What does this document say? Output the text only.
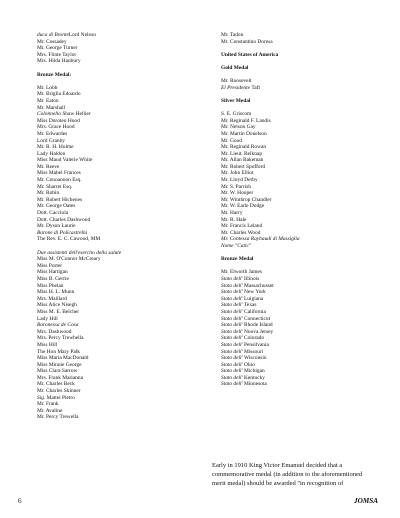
duca di BronteLord Nelson
Mr. Cossadey
Mr. George Turner
Mrs. Flinte Taylor
Mrs. Hilda Hanbury
Bronze Medal:
Mr. Lobb
Mr. Briglia Edoardo
Mr. Eaton
Mr. Marshall
Colonnello Shaw Hellier
Miss Doroteo Hood
Mrs. Grace Hood
Mr. Edwardes
Lord Granby
Mr. R. H. Holme
Lady Haldon
Miss Maud Valerie White
Mr. Reeve
Miss Mabel Frances
Mr. Conoannon Esq.
Mr. Sharret Esq.
Mr. Robin
Mr. Robert Hichenes
Mr. George Oates
Dott. Cacciola
Dott. Charles Dashwood
Mr. Dyson Laurie
Barone di Policastrella
The Rev. E. C. Cawood, MM
Due assistenti dell'esercito della salute
Miss M. O'Connor McCreary
Miss Porter
Miss Hartigan
Miss B. Gerrie
Miss Phelan
Miss H. L. Munn
Mrs. Maillard
Miss Alice Nisegh
Miss M. E. Belcher
Lady Hill
Baronessa de Cosa
Mrs. Dashwood
Mrs. Percy Trewbella
Miss Hill
The Hon Mary Palk
Miss Maria MacDonald
Miss Minnie George
Miss Clara Sarrow
Mrs. Frank Marianna
Mr. Charles Beck
Mr. Charles Skinner
Sig. Mattei Pietro
Mr. Frank
Mr. Avaline
Mr. Percy Trewella
Mr. Tadon
Mr. Constantino Doresa
United States of America
Gold Medal
Mr. Roosevelt
El Presidente Taft
Silver Medal
S. E. Griscom
Mr. Reginald F. Landis
Mr. Nelson Gay
Mr. Martin Donelson
Mr. Good
Mr. Reginald Rowan
Mr. Lieut. Belknap
Mr. Allan Bakeman
Mr. Robert Spofford
Mr. John Elliot
Mr. Lloyd Derby
Mr. S. Parrish
Mr. W. Hooper
Mr. Winthrop Chandler
Mr. W. Earle Dodge
Mr. Harry
Mr. R. Hale
Mr. Francis Leland
Mr. Charles Wood
Mr. Contessa Raybaudi di Massiglia
Nome "Catic"
Bronze Medal
Mr. Elworth James
Stato dell' Illinois
Stato dell' Massachusset
Stato dell' New York
Stato dell' Luigiana
Stato dell' Texas
Stato dell' California
Stato dell' Connecticut
Stato dell' Rhode Island
Stato dell' Nuova Jersey
Stato dell' Colorado
Stato dell' Pensilvania
Stato dell' Missouri
Stato dell' Wisconsin
Stato dell' Ohio
Stato dell' Michigan
Stato dell' Kentucky
Stato dell' Minnesota
Early in 1910 King Victor Emanuel decided that a
commemorative medal (in addition to the aforementioned
merit medal) should be awarded "in recognition of
6	JOMSA
